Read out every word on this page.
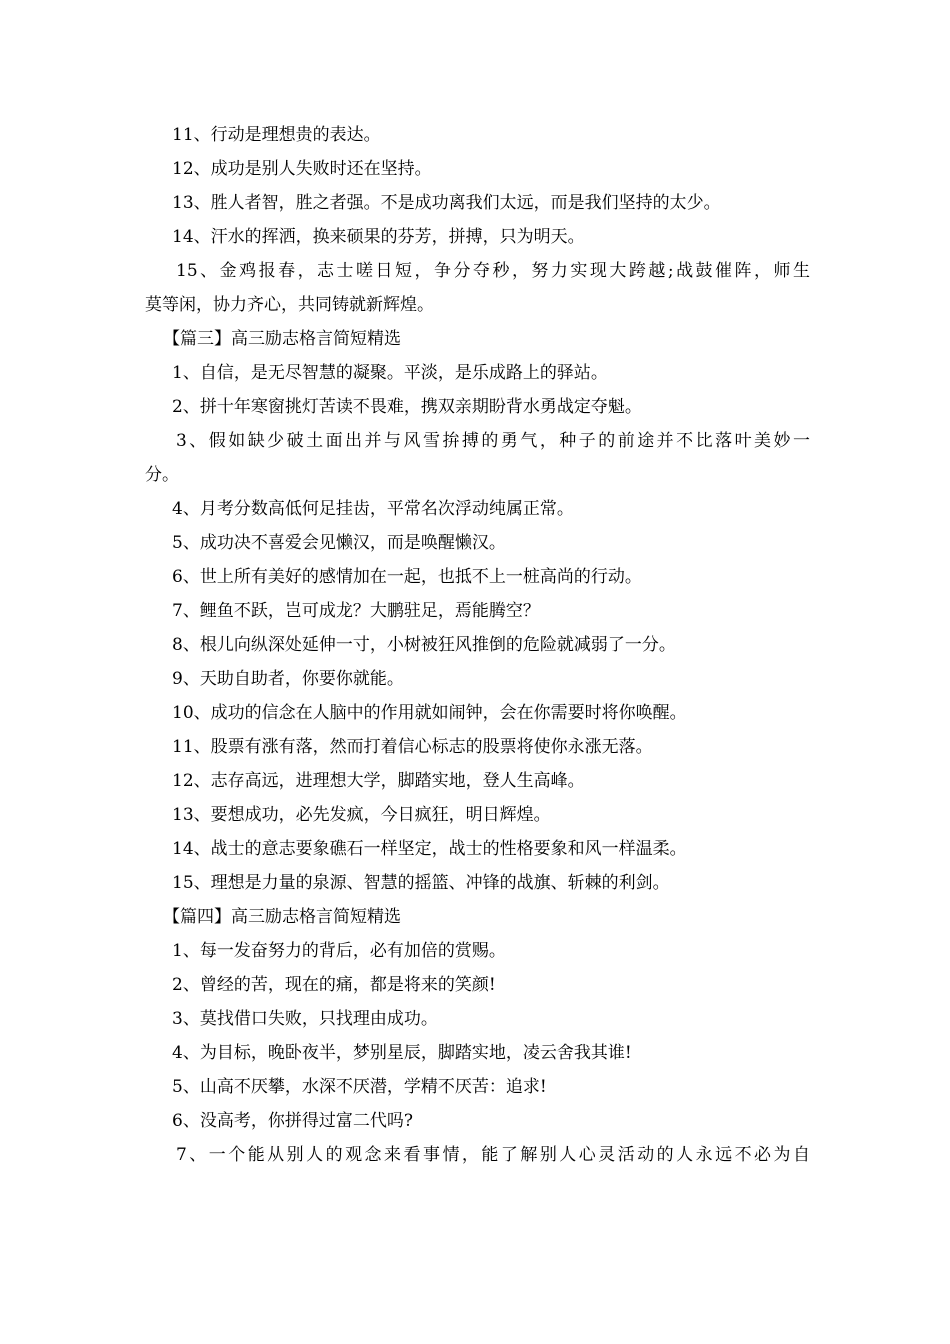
11、行动是理想贵的表达。
12、成功是别人失败时还在坚持。
13、胜人者智，胜之者强。不是成功离我们太远，而是我们坚持的太少。
14、汗水的挥洒，换来硕果的芬芳，拼搏，只为明天。
15、金鸡报春，志士嗟日短，争分夺秒，努力实现大跨越;战鼓催阵，师生
莫等闲，协力齐心，共同铸就新辉煌。
【篇三】高三励志格言简短精选
1、自信，是无尽智慧的凝聚。平淡，是乐成路上的驿站。
2、拼十年寒窗挑灯苦读不畏难，携双亲期盼背水勇战定夺魁。
3、假如缺少破土面出并与风雪拚搏的勇气，种子的前途并不比落叶美妙一
分。
4、月考分数高低何足挂齿，平常名次浮动纯属正常。
5、成功决不喜爱会见懒汉，而是唤醒懒汉。
6、世上所有美好的感情加在一起，也抵不上一桩高尚的行动。
7、鲤鱼不跃，岂可成龙？大鹏驻足，焉能腾空？
8、根儿向纵深处延伸一寸，小树被狂风推倒的危险就减弱了一分。
9、天助自助者，你要你就能。
10、成功的信念在人脑中的作用就如闹钟，会在你需要时将你唤醒。
11、股票有涨有落，然而打着信心标志的股票将使你永涨无落。
12、志存高远，进理想大学，脚踏实地，登人生高峰。
13、要想成功，必先发疯，今日疯狂，明日辉煌。
14、战士的意志要象礁石一样坚定，战士的性格要象和风一样温柔。
15、理想是力量的泉源、智慧的摇篮、冲锋的战旗、斩棘的利剑。
【篇四】高三励志格言简短精选
1、每一发奋努力的背后，必有加倍的赏赐。
2、曾经的苦，现在的痛，都是将来的笑颜!
3、莫找借口失败，只找理由成功。
4、为目标，晚卧夜半，梦别星辰，脚踏实地，凌云舍我其谁!
5、山高不厌攀，水深不厌潜，学精不厌苦：追求!
6、没高考，你拼得过富二代吗?
7、一个能从别人的观念来看事情，能了解别人心灵活动的人永远不必为自
